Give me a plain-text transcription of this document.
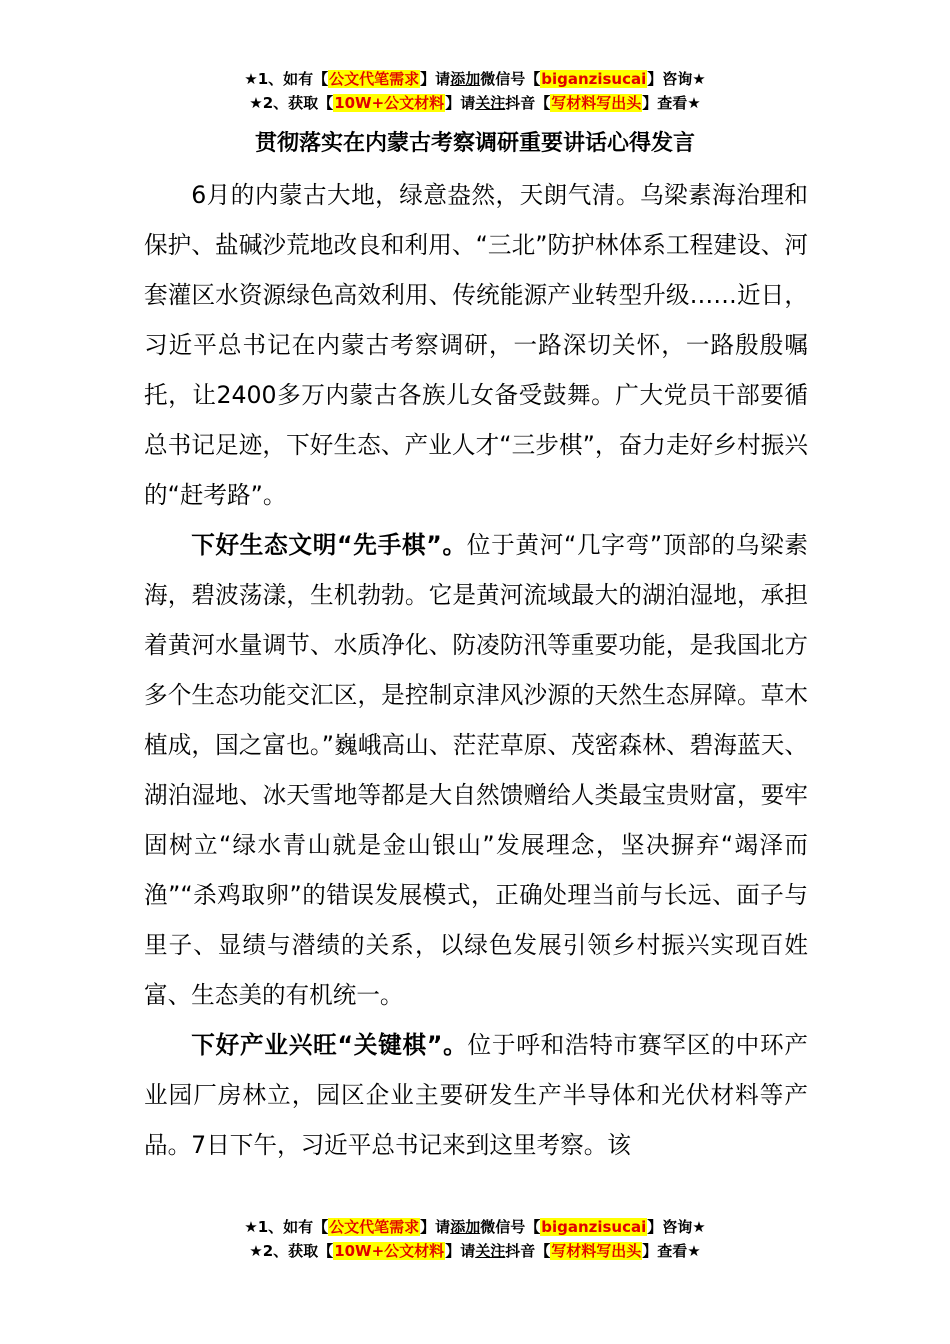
★1、如有【公文代笔需求】请添加微信号【biganzisucai】咨询★
★2、获取【10W+公文材料】请关注抖音【写材料写出头】查看★
贯彻落实在内蒙古考察调研重要讲话心得发言

6月的内蒙古大地，绿意盎然，天朗气清。乌梁素海治理和保护、盐碱沙荒地改良和利用、“三北”防护林体系工程建设、河套灌区水资源绿色高效利用、传统能源产业转型升级……近日，习近平总书记在内蒙古考察调研，一路深切关怀，一路殷殷嘱托，让2400多万内蒙古各族儿女备受鼓舞。广大党员干部要循总书记足迹，下好生态、产业人才“三步棋”，奋力走好乡村振兴的“赶考路”。

下好生态文明“先手棋”。位于黄河“几字弯”顶部的乌梁素海，碧波荡漾，生机勃勃。它是黄河流域最大的湖泊湿地，承担着黄河水量调节、水质净化、防凌防汛等重要功能，是我国北方多个生态功能交汇区，是控制京津风沙源的天然生态屏障。草木植成，国之富也。”巍峨高山、茫茫草原、茂密森林、碧海蓝天、湖泊湿地、冰天雪地等都是大自然馈赠给人类最宝贵财富，要牢固树立“绿水青山就是金山银山”发展理念，坚决摒弃“竭泽而渔”“杀鸡取卵”的错误发展模式，正确处理当前与长远、面子与里子、显绩与潜绩的关系，以绿色发展引领乡村振兴实现百姓富、生态美的有机统一。

下好产业兴旺“关键棋”。位于呼和浩特市赛罕区的中环产业园厂房林立，园区企业主要研发生产半导体和光伏材料等产品。7日下午，习近平总书记来到这里考察。该

★1、如有【公文代笔需求】请添加微信号【biganzisucai】咨询★
★2、获取【10W+公文材料】请关注抖音【写材料写出头】查看★
